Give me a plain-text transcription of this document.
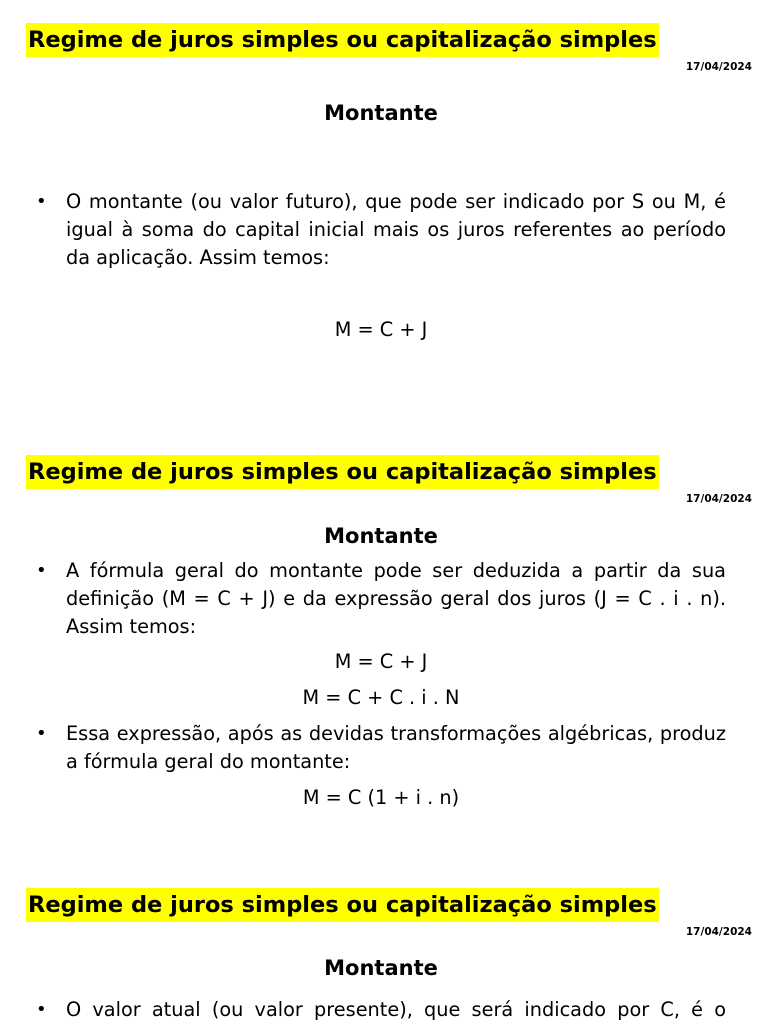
Regime de juros simples ou capitalização simples
17/04/2024
Montante
• O montante (ou valor futuro), que pode ser indicado por S ou M, é igual à soma do capital inicial mais os juros referentes ao período da aplicação. Assim temos:
M = C + J
Regime de juros simples ou capitalização simples
17/04/2024
Montante
• A fórmula geral do montante pode ser deduzida a partir da sua definição (M = C + J) e da expressão geral dos juros (J = C . i . n). Assim temos:
M = C + J
M = C + C . i . N
• Essa expressão, após as devidas transformações algébricas, produz a fórmula geral do montante:
M = C (1 + i . n)
Regime de juros simples ou capitalização simples
17/04/2024
Montante
• O valor atual (ou valor presente), que será indicado por C, é o
